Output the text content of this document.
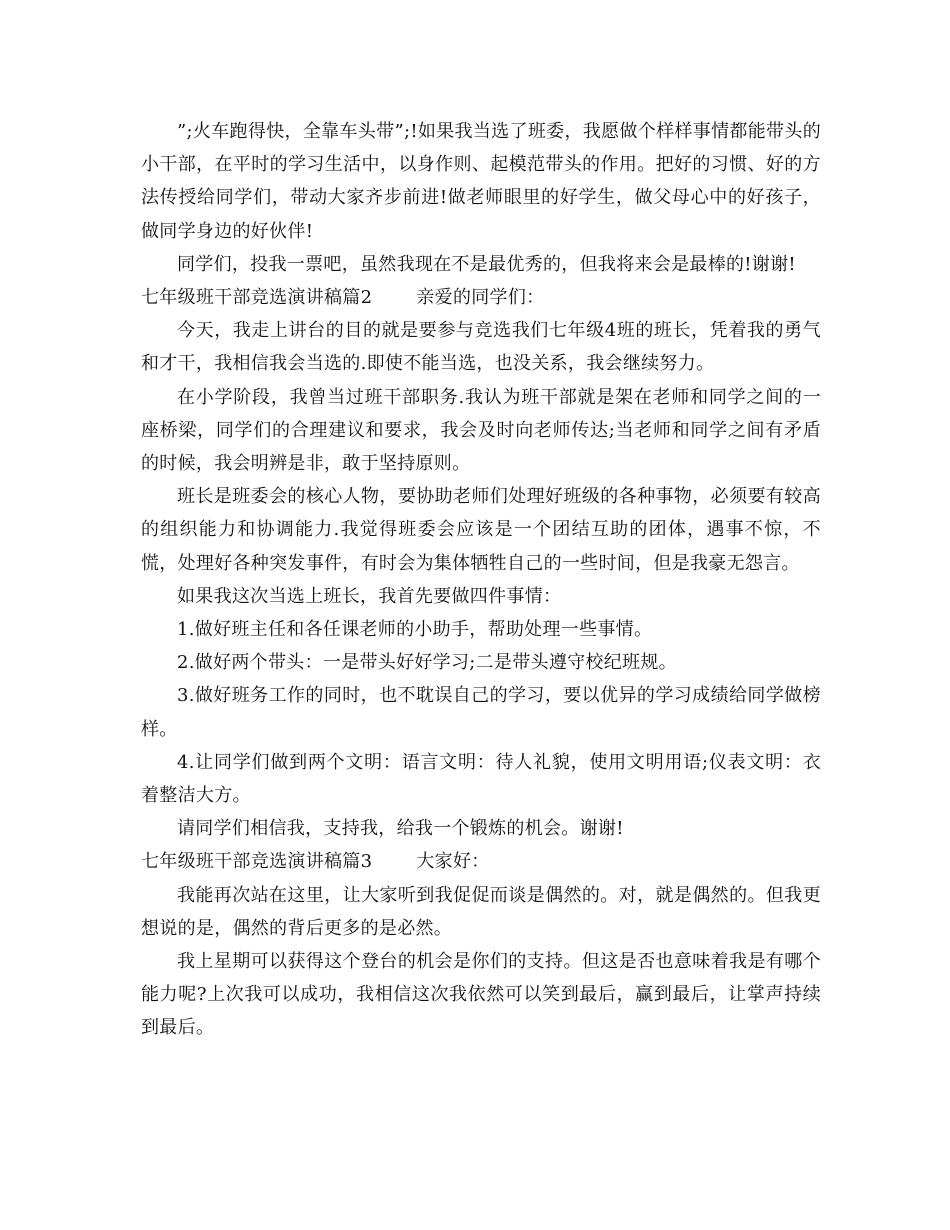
”;火车跑得快，全靠车头带”;!如果我当选了班委，我愿做个样样事情都能带头的小干部，在平时的学习生活中，以身作则、起模范带头的作用。把好的习惯、好的方法传授给同学们，带动大家齐步前进!做老师眼里的好学生，做父母心中的好孩子，做同学身边的好伙伴!

同学们，投我一票吧，虽然我现在不是最优秀的，但我将来会是最棒的!谢谢!

七年级班干部竞选演讲稿篇2 亲爱的同学们：

今天，我走上讲台的目的就是要参与竞选我们七年级4班的班长，凭着我的勇气和才干，我相信我会当选的.即使不能当选，也没关系，我会继续努力。

在小学阶段，我曾当过班干部职务.我认为班干部就是架在老师和同学之间的一座桥梁，同学们的合理建议和要求，我会及时向老师传达;当老师和同学之间有矛盾的时候，我会明辨是非，敢于坚持原则。

班长是班委会的核心人物，要协助老师们处理好班级的各种事物，必须要有较高的组织能力和协调能力.我觉得班委会应该是一个团结互助的团体，遇事不惊，不慌，处理好各种突发事件，有时会为集体牺牲自己的一些时间，但是我豪无怨言。

如果我这次当选上班长，我首先要做四件事情：

1.做好班主任和各任课老师的小助手，帮助处理一些事情。

2.做好两个带头：一是带头好好学习;二是带头遵守校纪班规。

3.做好班务工作的同时，也不耽误自己的学习，要以优异的学习成绩给同学做榜样。

4.让同学们做到两个文明：语言文明：待人礼貌，使用文明用语;仪表文明：衣着整洁大方。

请同学们相信我，支持我，给我一个锻炼的机会。谢谢!

七年级班干部竞选演讲稿篇3 大家好：

我能再次站在这里，让大家听到我促促而谈是偶然的。对，就是偶然的。但我更想说的是，偶然的背后更多的是必然。

我上星期可以获得这个登台的机会是你们的支持。但这是否也意味着我是有哪个能力呢?上次我可以成功，我相信这次我依然可以笑到最后，赢到最后，让掌声持续到最后。
